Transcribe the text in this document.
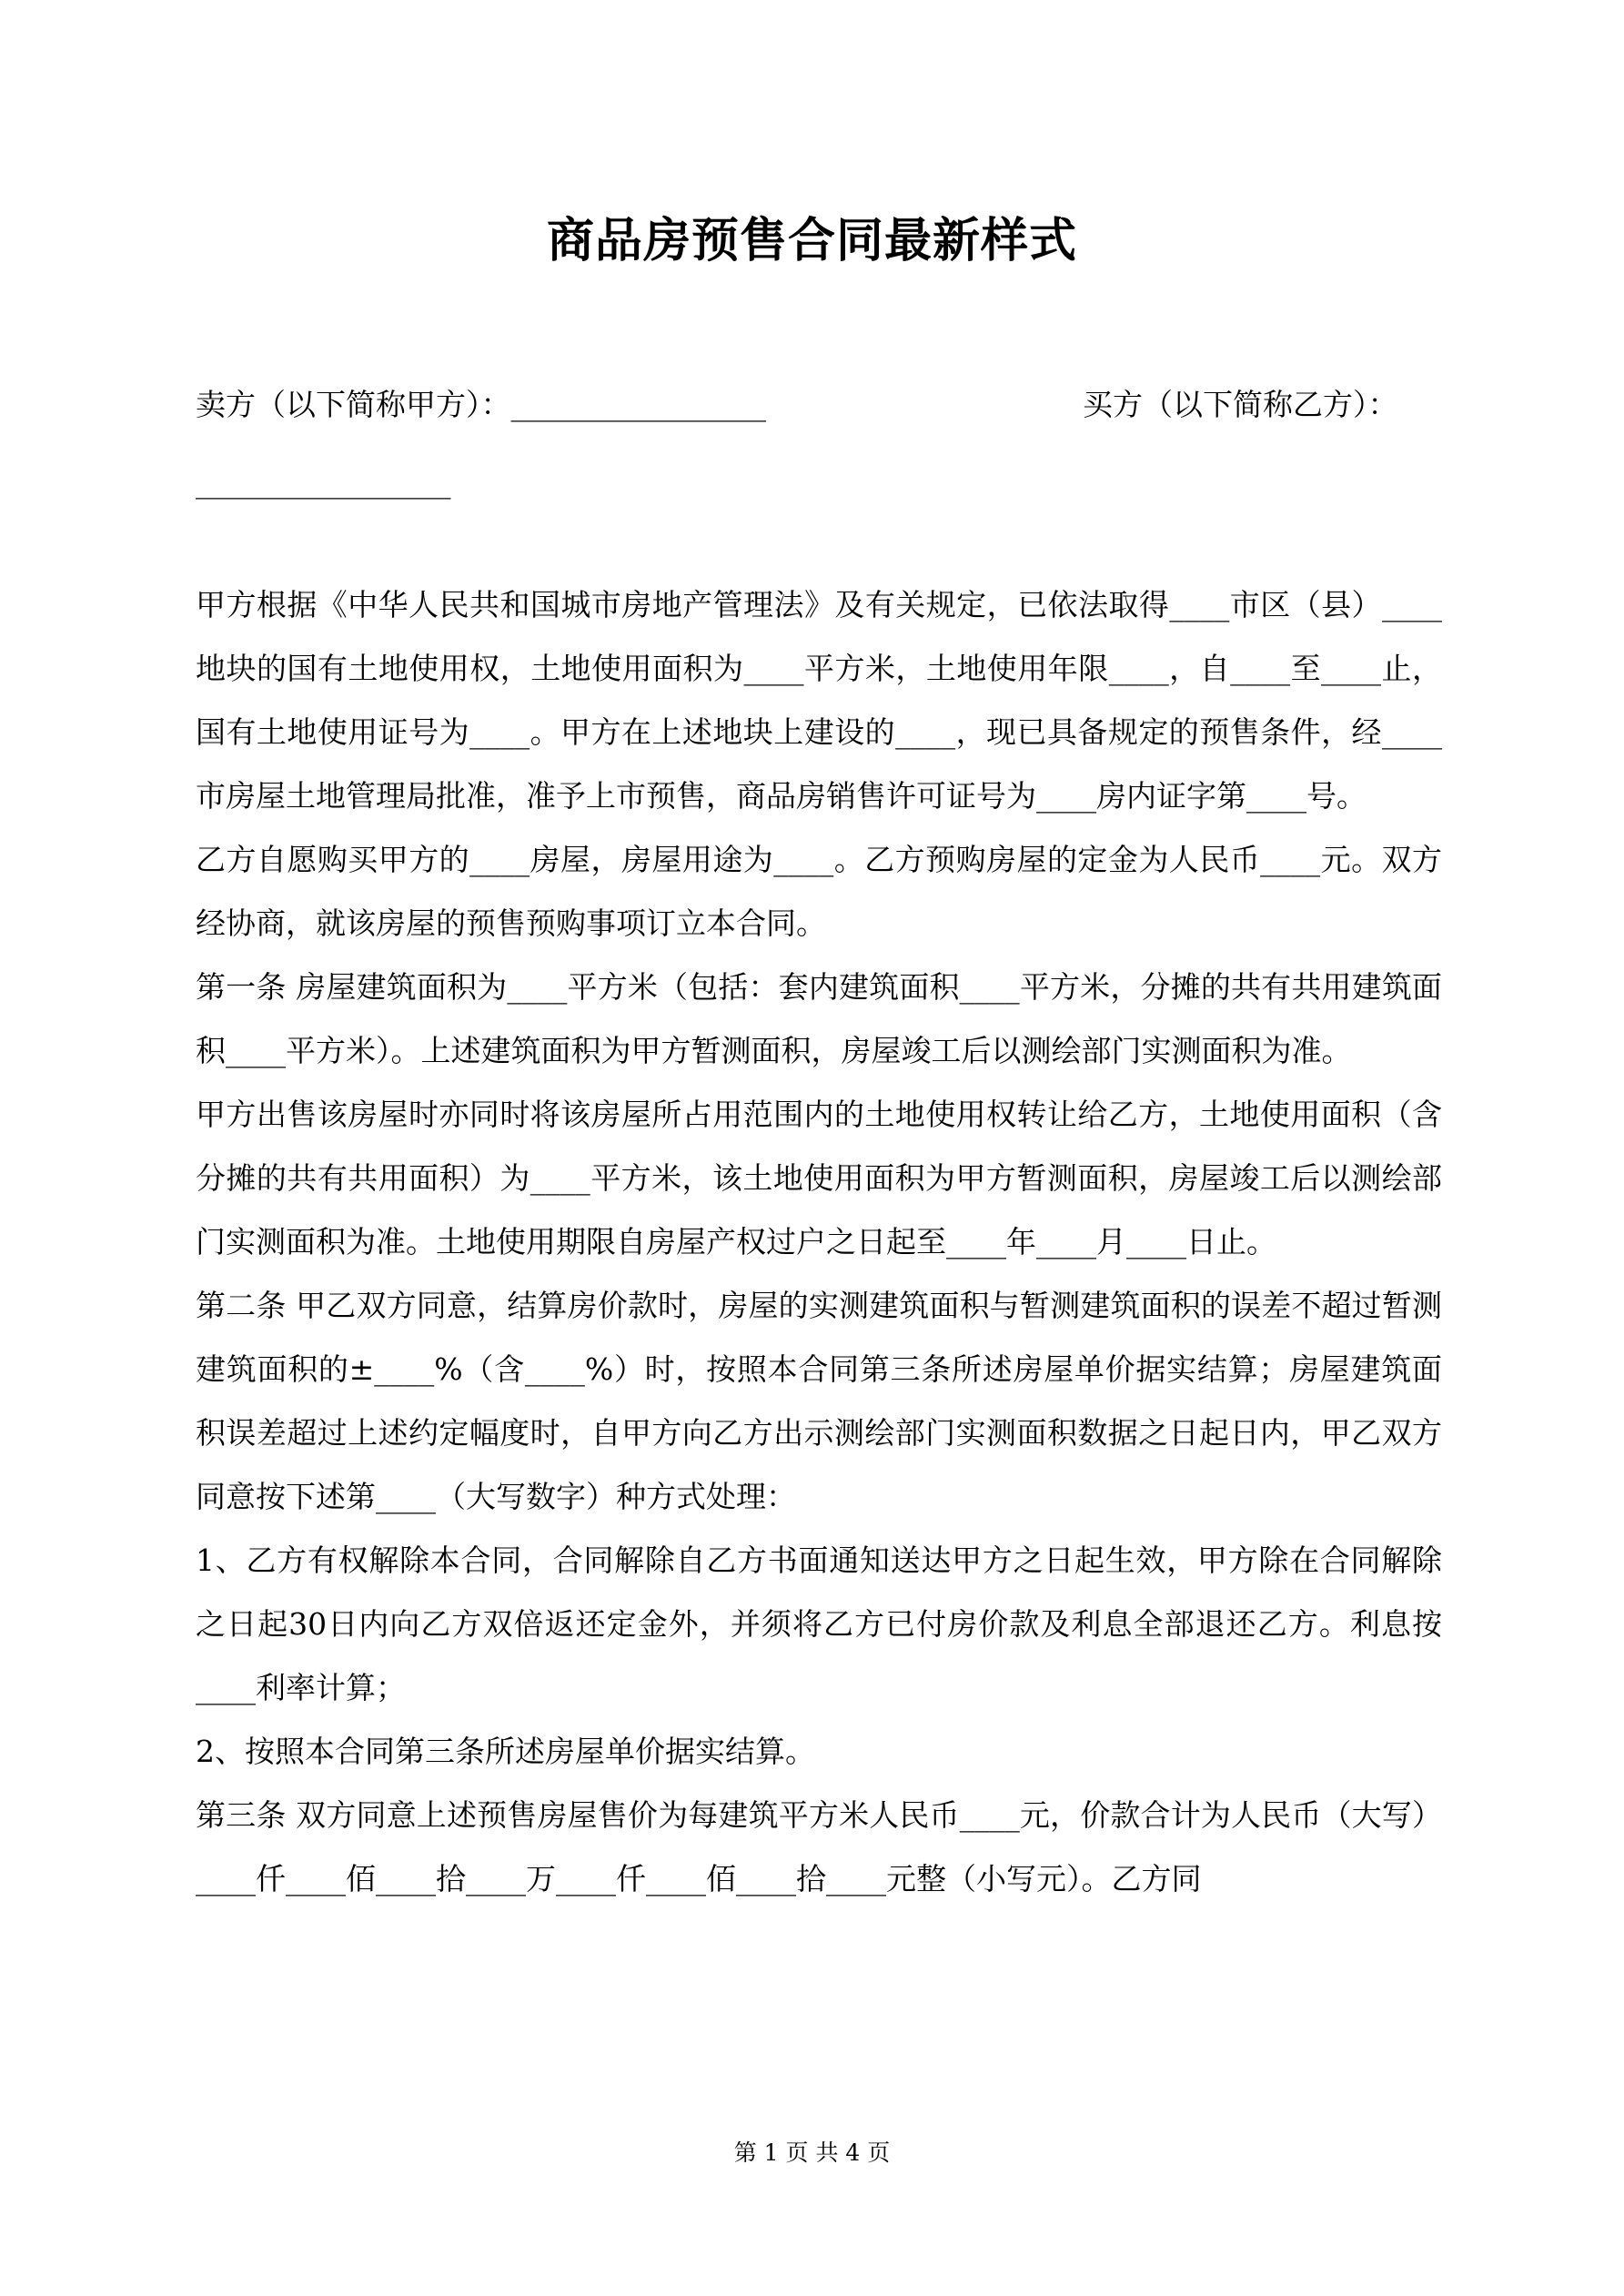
商品房预售合同最新样式
卖方（以下简称甲方）：_________________	买方（以下简称乙方）：
_________________

甲方根据《中华人民共和国城市房地产管理法》及有关规定，已依法取得____市区（县）____地块的国有土地使用权，土地使用面积为____平方米，土地使用年限____，自____至____止，国有土地使用证号为____。甲方在上述地块上建设的____，现已具备规定的预售条件，经____市房屋土地管理局批准，准予上市预售，商品房销售许可证号为____房内证字第____号。

乙方自愿购买甲方的____房屋，房屋用途为____。乙方预购房屋的定金为人民币____元。双方经协商，就该房屋的预售预购事项订立本合同。

第一条 房屋建筑面积为____平方米（包括：套内建筑面积____平方米，分摊的共有共用建筑面积____平方米）。上述建筑面积为甲方暂测面积，房屋竣工后以测绘部门实测面积为准。

甲方出售该房屋时亦同时将该房屋所占用范围内的土地使用权转让给乙方，土地使用面积（含分摊的共有共用面积）为____平方米，该土地使用面积为甲方暂测面积，房屋竣工后以测绘部门实测面积为准。土地使用期限自房屋产权过户之日起至____年____月____日止。

第二条 甲乙双方同意，结算房价款时，房屋的实测建筑面积与暂测建筑面积的误差不超过暂测建筑面积的±____%（含____%）时，按照本合同第三条所述房屋单价据实结算；房屋建筑面积误差超过上述约定幅度时，自甲方向乙方出示测绘部门实测面积数据之日起日内，甲乙双方同意按下述第____（大写数字）种方式处理：

1、乙方有权解除本合同，合同解除自乙方书面通知送达甲方之日起生效，甲方除在合同解除之日起30日内向乙方双倍返还定金外，并须将乙方已付房价款及利息全部退还乙方。利息按____利率计算；

2、按照本合同第三条所述房屋单价据实结算。

第三条 双方同意上述预售房屋售价为每建筑平方米人民币____元，价款合计为人民币（大写）____仟____佰____拾____万____仟____佰____拾____元整（小写元）。乙方同

第 1 页 共 4 页
